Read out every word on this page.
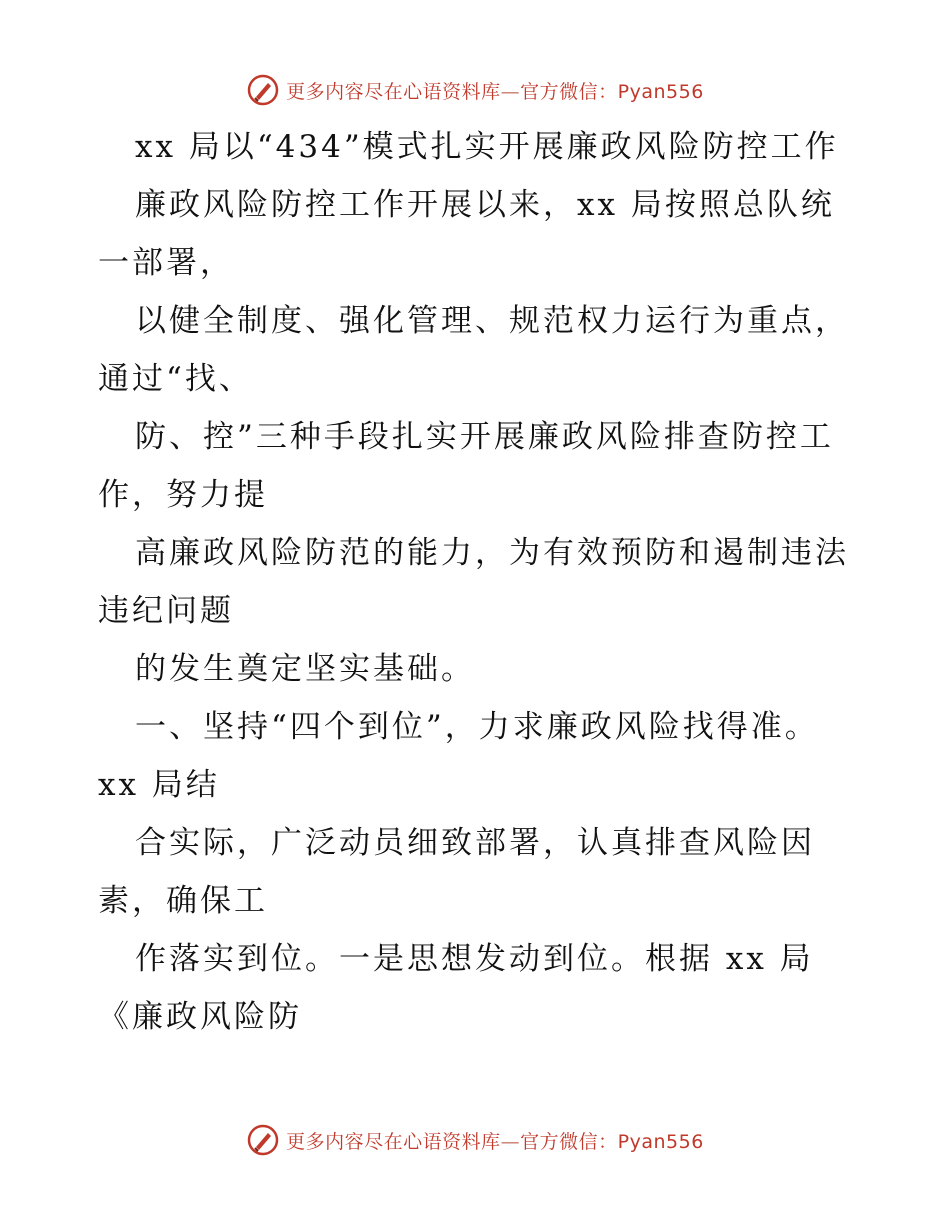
更多内容尽在心语资料库—官方微信：Pyan556
xx 局以“434”模式扎实开展廉政风险防控工作
廉政风险防控工作开展以来，xx 局按照总队统
一部署，
以健全制度、强化管理、规范权力运行为重点，
通过“找、
防、控”三种手段扎实开展廉政风险排查防控工
作，努力提
高廉政风险防范的能力，为有效预防和遏制违法
违纪问题
的发生奠定坚实基础。
一、坚持“四个到位”，力求廉政风险找得准。
xx 局结
合实际，广泛动员细致部署，认真排查风险因
素，确保工
作落实到位。一是思想发动到位。根据 xx 局
《廉政风险防
更多内容尽在心语资料库—官方微信：Pyan556
